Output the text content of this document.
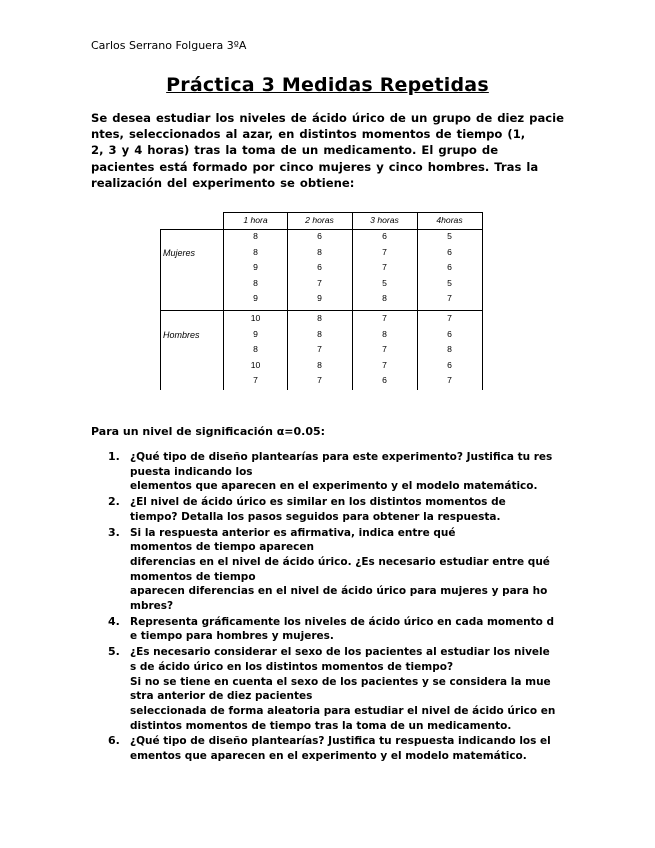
Carlos Serrano Folguera 3ºA
Práctica 3 Medidas Repetidas
Se desea estudiar los niveles de ácido úrico de un grupo de diez pacie
ntes, seleccionados al azar, en distintos momentos de tiempo (1,
2, 3 y 4 horas) tras la toma de un medicamento. El grupo de
pacientes está formado por cinco mujeres y cinco hombres. Tras la
realización del experimento se obtiene:
1 hora	2 horas	3 horas	4horas
Mujeres
8	6	6	5
8	8	7	6
9	6	7	6
8	7	5	5
9	9	8	7
Hombres
10	8	7	7
9	8	8	6
8	7	7	8
10	8	7	6
7	7	6	7
Para un nivel de significación α=0.05:
1. ¿Qué tipo de diseño plantearías para este experimento? Justifica tu res
puesta indicando los
elementos que aparecen en el experimento y el modelo matemático.
2. ¿El nivel de ácido úrico es similar en los distintos momentos de
tiempo? Detalla los pasos seguidos para obtener la respuesta.
3. Si la respuesta anterior es afirmativa, indica entre qué
momentos de tiempo aparecen
diferencias en el nivel de ácido úrico. ¿Es necesario estudiar entre qué
momentos de tiempo
aparecen diferencias en el nivel de ácido úrico para mujeres y para ho
mbres?
4. Representa gráficamente los niveles de ácido úrico en cada momento d
e tiempo para hombres y mujeres.
5. ¿Es necesario considerar el sexo de los pacientes al estudiar los nivele
s de ácido úrico en los distintos momentos de tiempo?
Si no se tiene en cuenta el sexo de los pacientes y se considera la mue
stra anterior de diez pacientes
seleccionada de forma aleatoria para estudiar el nivel de ácido úrico en
distintos momentos de tiempo tras la toma de un medicamento.
6. ¿Qué tipo de diseño plantearías? Justifica tu respuesta indicando los el
ementos que aparecen en el experimento y el modelo matemático.
